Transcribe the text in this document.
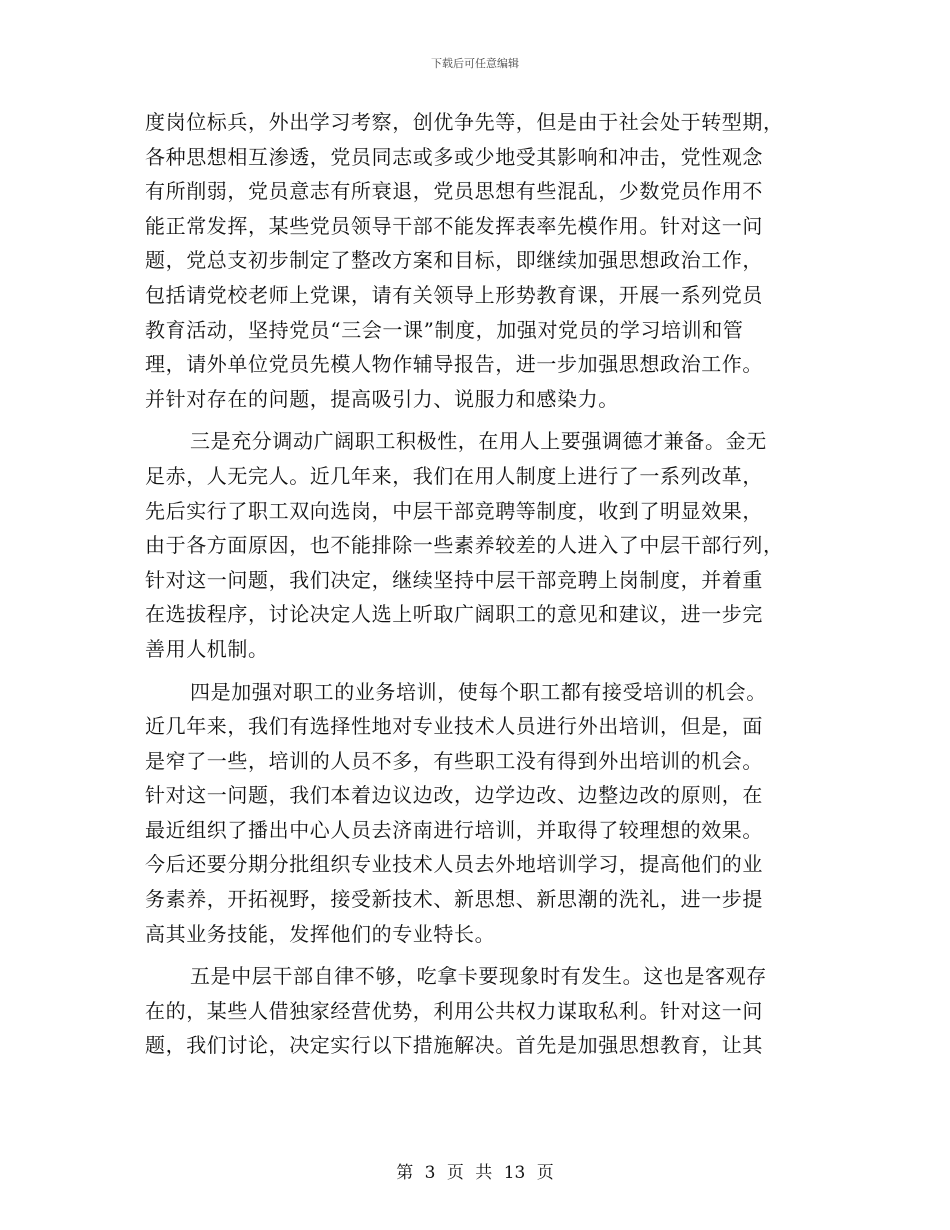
下载后可任意编辑
度岗位标兵，外出学习考察，创优争先等，但是由于社会处于转型期，
各种思想相互渗透，党员同志或多或少地受其影响和冲击，党性观念
有所削弱，党员意志有所衰退，党员思想有些混乱，少数党员作用不
能正常发挥，某些党员领导干部不能发挥表率先模作用。针对这一问
题，党总支初步制定了整改方案和目标，即继续加强思想政治工作，
包括请党校老师上党课，请有关领导上形势教育课，开展一系列党员
教育活动，坚持党员“三会一课”制度，加强对党员的学习培训和管
理，请外单位党员先模人物作辅导报告，进一步加强思想政治工作。
并针对存在的问题，提高吸引力、说服力和感染力。
三是充分调动广阔职工积极性，在用人上要强调德才兼备。金无
足赤，人无完人。近几年来，我们在用人制度上进行了一系列改革，
先后实行了职工双向选岗，中层干部竞聘等制度，收到了明显效果，
由于各方面原因，也不能排除一些素养较差的人进入了中层干部行列，
针对这一问题，我们决定，继续坚持中层干部竞聘上岗制度，并着重
在选拔程序，讨论决定人选上听取广阔职工的意见和建议，进一步完
善用人机制。
四是加强对职工的业务培训，使每个职工都有接受培训的机会。
近几年来，我们有选择性地对专业技术人员进行外出培训，但是，面
是窄了一些，培训的人员不多，有些职工没有得到外出培训的机会。
针对这一问题，我们本着边议边改，边学边改、边整边改的原则，在
最近组织了播出中心人员去济南进行培训，并取得了较理想的效果。
今后还要分期分批组织专业技术人员去外地培训学习，提高他们的业
务素养，开拓视野，接受新技术、新思想、新思潮的洗礼，进一步提
高其业务技能，发挥他们的专业特长。
五是中层干部自律不够，吃拿卡要现象时有发生。这也是客观存
在的，某些人借独家经营优势，利用公共权力谋取私利。针对这一问
题，我们讨论，决定实行以下措施解决。首先是加强思想教育，让其
第 3 页 共 13 页
